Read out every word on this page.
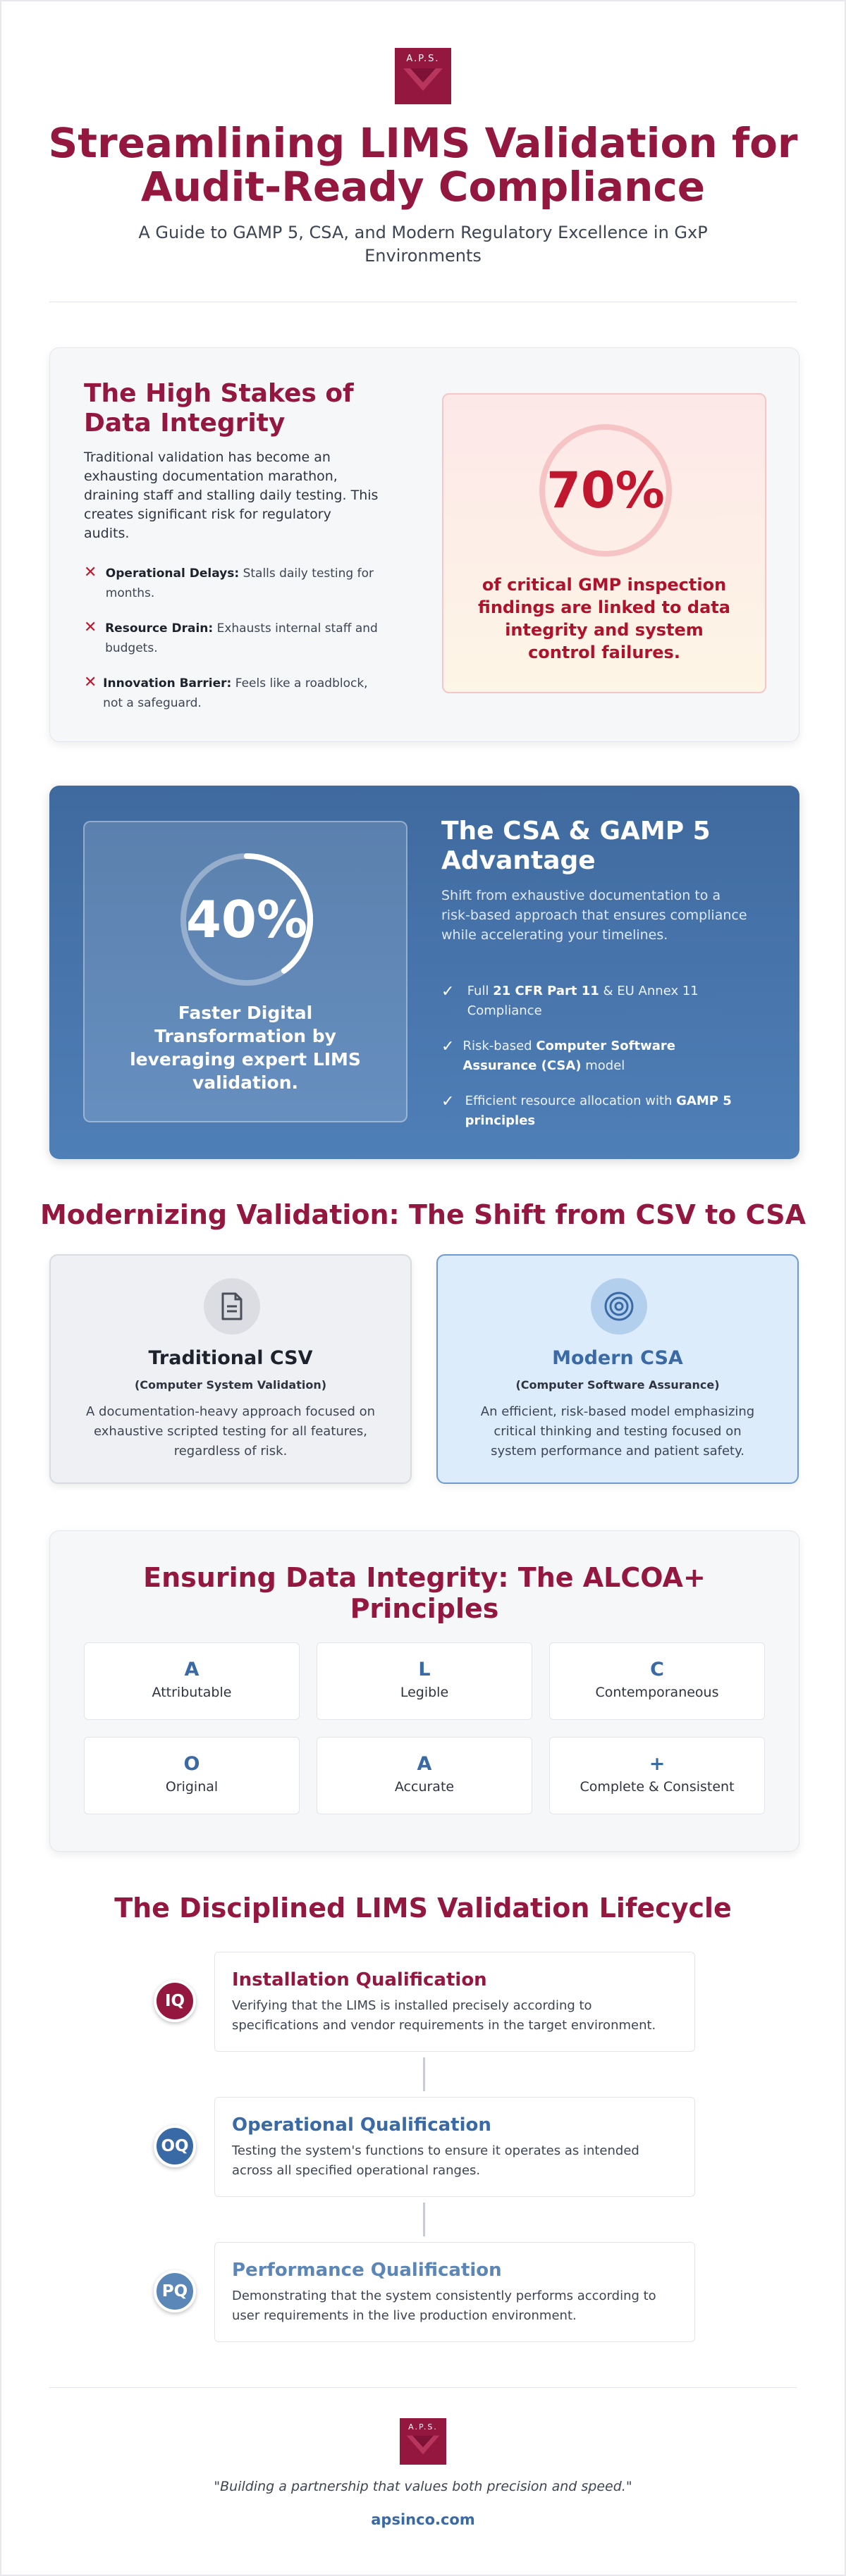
A.P.S.
Streamlining LIMS Validation for
Audit-Ready Compliance
A Guide to GAMP 5, CSA, and Modern Regulatory Excellence in GxP Environments
The High Stakes of Data Integrity

Traditional validation has become an exhausting documentation marathon, draining staff and stalling daily testing. This creates significant risk for regulatory audits.

✕ Operational Delays: Stalls daily testing for months.
✕ Resource Drain: Exhausts internal staff and budgets.
✕ Innovation Barrier: Feels like a roadblock, not a safeguard.
70%
of critical GMP inspection findings are linked to data integrity and system control failures.
40%
Faster Digital Transformation by leveraging expert LIMS validation.
The CSA & GAMP 5 Advantage

Shift from exhaustive documentation to a risk-based approach that ensures compliance while accelerating your timelines.

✓	Full 21 CFR Part 11 & EU Annex 11 Compliance
✓ Risk-based Computer Software Assurance (CSA) model
✓ Efficient resource allocation with GAMP 5 principles
Modernizing Validation: The Shift from CSV to CSA
Traditional CSV
(Computer System Validation)
A documentation-heavy approach focused on exhaustive scripted testing for all features, regardless of risk.
Modern CSA
(Computer Software Assurance)
An efficient, risk-based model emphasizing critical thinking and testing focused on system performance and patient safety.
Ensuring Data Integrity: The ALCOA+ Principles
A
Attributable
L
Legible
C
Contemporaneous
O
Original
A
Accurate
+
Complete & Consistent
The Disciplined LIMS Validation Lifecycle
IQ
Installation Qualification

Verifying that the LIMS is installed precisely according to specifications and vendor requirements in the target environment.

OQ
Operational Qualification

Testing the system's functions to ensure it operates as intended across all specified operational ranges.

PQ
Performance Qualification

Demonstrating that the system consistently performs according to user requirements in the live production environment.

A.P.S.
"Building a partnership that values both precision and speed."
apsinco.com
